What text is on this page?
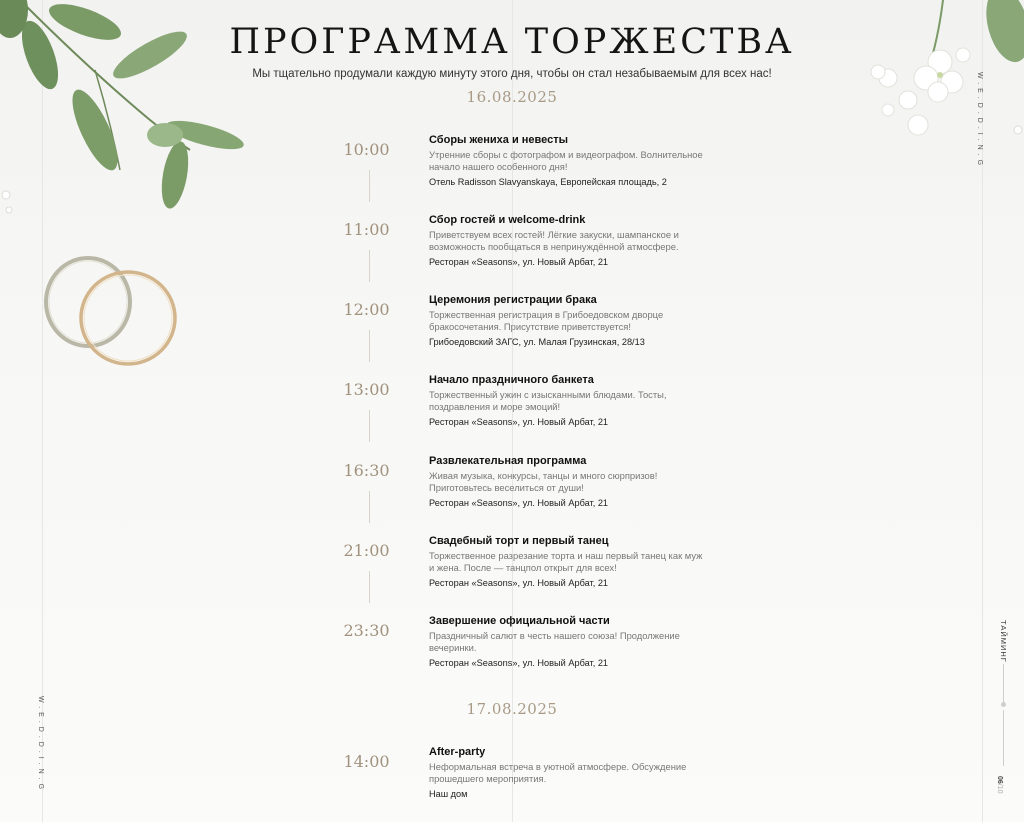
ПРОГРАММА ТОРЖЕСТВА
Мы тщательно продумали каждую минуту этого дня, чтобы он стал незабываемым для всех нас!
16.08.2025
10:00	Сборы жениха и невесты
Утренние сборы с фотографом и видеографом. Волнительное начало нашего особенного дня!
Отель Radisson Slavyanskaya, Европейская площадь, 2
11:00	Сбор гостей и welcome-drink
Приветствуем всех гостей! Лёгкие закуски, шампанское и возможность пообщаться в непринуждённой атмосфере.
Ресторан «Seasons», ул. Новый Арбат, 21
12:00	Церемония регистрации брака
Торжественная регистрация в Грибоедовском дворце бракосочетания. Присутствие приветствуется!
Грибоедовский ЗАГС, ул. Малая Грузинская, 28/13
13:00	Начало праздничного банкета
Торжественный ужин с изысканными блюдами. Тосты, поздравления и море эмоций!
Ресторан «Seasons», ул. Новый Арбат, 21
16:30	Развлекательная программа
Живая музыка, конкурсы, танцы и много сюрпризов! Приготовьтесь веселиться от души!
Ресторан «Seasons», ул. Новый Арбат, 21
21:00	Свадебный торт и первый танец
Торжественное разрезание торта и наш первый танец как муж и жена. После — танцпол открыт для всех!
Ресторан «Seasons», ул. Новый Арбат, 21
23:30	Завершение официальной части
Праздничный салют в честь нашего союза! Продолжение вечеринки.
Ресторан «Seasons», ул. Новый Арбат, 21
17.08.2025
14:00	After-party
Неформальная встреча в уютной атмосфере. Обсуждение прошедшего мероприятия.
Наш дом
W.E.D.D.I.N.G
W.E.D.D.I.N.G
ТАЙМИНГ
06/10
